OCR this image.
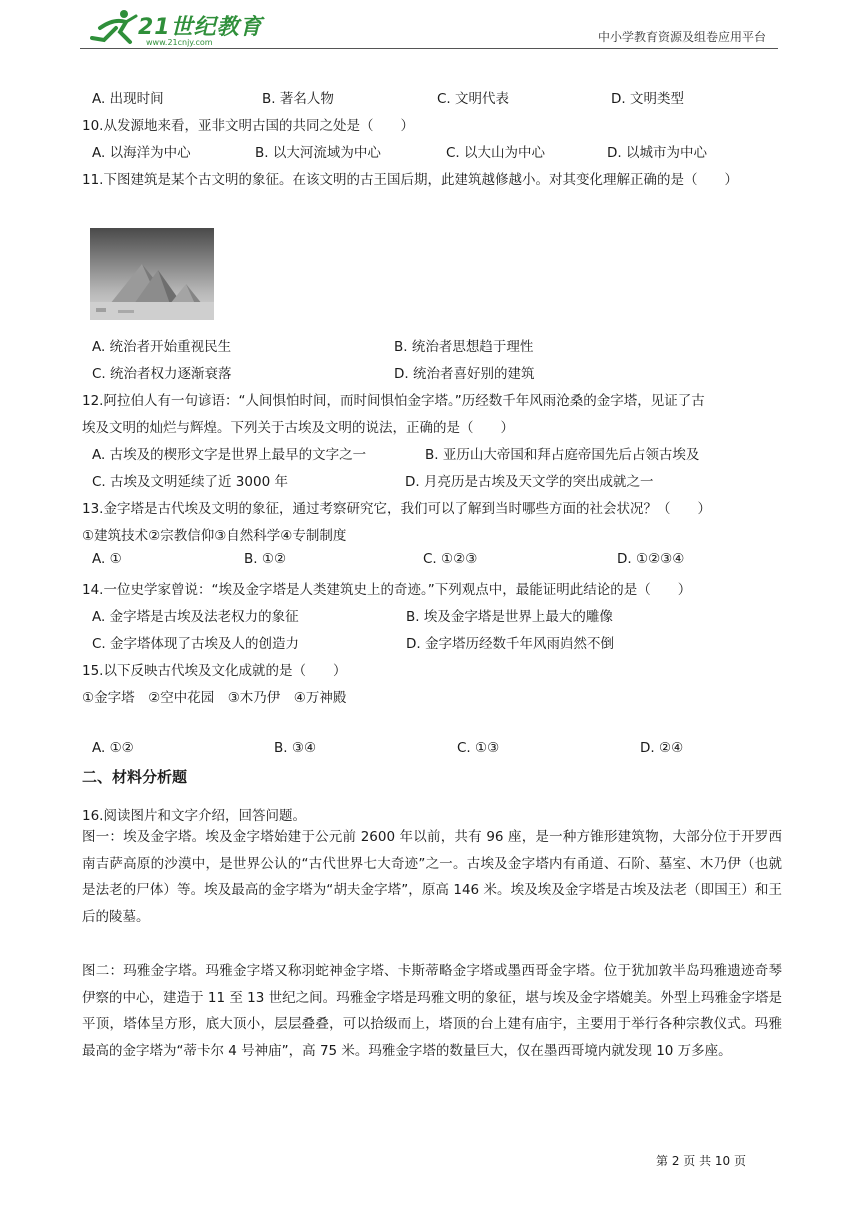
21世纪教育
www.21cnjy.com	中小学教育资源及组卷应用平台
A. 出现时间	B. 著名人物	C. 文明代表	D. 文明类型
10.从发源地来看，亚非文明古国的共同之处是（　　）
A. 以海洋为中心	B. 以大河流域为中心	C. 以大山为中心	D. 以城市为中心
11.下图建筑是某个古文明的象征。在该文明的古王国后期，此建筑越修越小。对其变化理解正确的是（　　）
A. 统治者开始重视民生	B. 统治者思想趋于理性
C. 统治者权力逐渐衰落	D. 统治者喜好别的建筑
12.阿拉伯人有一句谚语：“人间惧怕时间，而时间惧怕金字塔。”历经数千年风雨沧桑的金字塔，见证了古
埃及文明的灿烂与辉煌。下列关于古埃及文明的说法，正确的是（　　）
A. 古埃及的楔形文字是世界上最早的文字之一	B. 亚历山大帝国和拜占庭帝国先后占领古埃及
C. 古埃及文明延续了近 3000 年	D. 月亮历是古埃及天文学的突出成就之一
13.金字塔是古代埃及文明的象征，通过考察研究它，我们可以了解到当时哪些方面的社会状况？（　　）
①建筑技术②宗教信仰③自然科学④专制制度
A. ①	B. ①②	C. ①②③	D. ①②③④
14.一位史学家曾说：“埃及金字塔是人类建筑史上的奇迹。”下列观点中，最能证明此结论的是（　　）
A. 金字塔是古埃及法老权力的象征	B. 埃及金字塔是世界上最大的雕像
C. 金字塔体现了古埃及人的创造力	D. 金字塔历经数千年风雨岿然不倒
15.以下反映古代埃及文化成就的是（　　）
①金字塔　②空中花园　③木乃伊　④万神殿
A. ①②	B. ③④	C. ①③	D. ②④
二、材料分析题
16.阅读图片和文字介绍，回答问题。
图一：埃及金字塔。埃及金字塔始建于公元前 2600 年以前，共有 96 座，是一种方锥形建筑物，大部分位于开罗西南吉萨高原的沙漠中，是世界公认的“古代世界七大奇迹”之一。古埃及金字塔内有甬道、石阶、墓室、木乃伊（也就是法老的尸体）等。埃及最高的金字塔为“胡夫金字塔”，原高 146 米。埃及埃及金字塔是古埃及法老（即国王）和王后的陵墓。
图二：玛雅金字塔。玛雅金字塔又称羽蛇神金字塔、卡斯蒂略金字塔或墨西哥金字塔。位于犹加敦半岛玛雅遗迹奇琴伊察的中心，建造于 11 至 13 世纪之间。玛雅金字塔是玛雅文明的象征，堪与埃及金字塔媲美。外型上玛雅金字塔是平顶，塔体呈方形，底大顶小，层层叠叠，可以拾级而上，塔顶的台上建有庙宇，主要用于举行各种宗教仪式。玛雅最高的金字塔为“蒂卡尔 4 号神庙”，高 75 米。玛雅金字塔的数量巨大，仅在墨西哥境内就发现 10 万多座。
第 2 页 共 10 页
